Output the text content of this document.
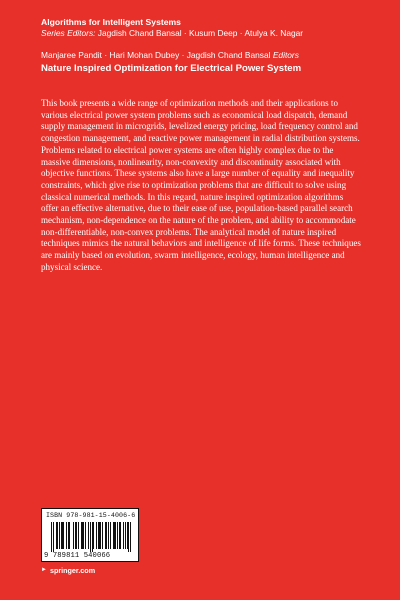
Algorithms for Intelligent Systems
Series Editors: Jagdish Chand Bansal · Kusum Deep · Atulya K. Nagar
Manjaree Pandit · Hari Mohan Dubey · Jagdish Chand Bansal Editors
Nature Inspired Optimization for Electrical Power System
This book presents a wide range of optimization methods and their applications to various electrical power system problems such as economical load dispatch, demand supply management in microgrids, levelized energy pricing, load frequency control and congestion management, and reactive power management in radial distribution systems. Problems related to electrical power systems are often highly complex due to the massive dimensions, nonlinearity, non-convexity and discontinuity associated with objective functions. These systems also have a large number of equality and inequality constraints, which give rise to optimization problems that are difficult to solve using classical numerical methods. In this regard, nature inspired optimization algorithms offer an effective alternative, due to their ease of use, population-based parallel search mechanism, non-dependence on the nature of the problem, and ability to accommodate non-differentiable, non-convex problems. The analytical model of nature inspired techniques mimics the natural behaviors and intelligence of life forms. These techniques are mainly based on evolution, swarm intelligence, ecology, human intelligence and physical science.
ISBN 978-981-15-4006-6
9 789811 540066
► springer.com
